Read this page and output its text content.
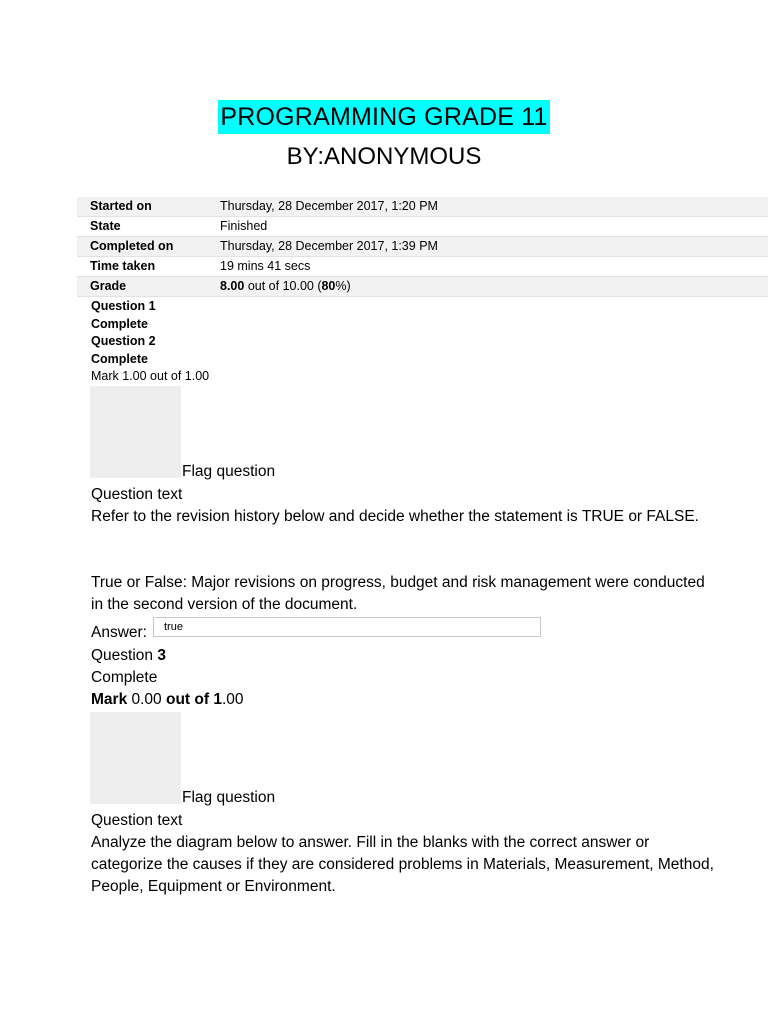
PROGRAMMING GRADE 11
BY:ANONYMOUS
Started on	Thursday, 28 December 2017, 1:20 PM
State	Finished
Completed on	Thursday, 28 December 2017, 1:39 PM
Time taken	19 mins 41 secs
Grade	8.00 out of 10.00 (80%)
Question 1
Complete
Question 2
Complete
Mark 1.00 out of 1.00
Flag question
Question text
Refer to the revision history below and decide whether the statement is TRUE or FALSE.
True or False: Major revisions on progress, budget and risk management were conducted in the second version of the document.
Answer:	true
Question 3
Complete
Mark 0.00 out of 1.00
Flag question
Question text
Analyze the diagram below to answer. Fill in the blanks with the correct answer or categorize the causes if they are considered problems in Materials, Measurement, Method, People, Equipment or Environment.
